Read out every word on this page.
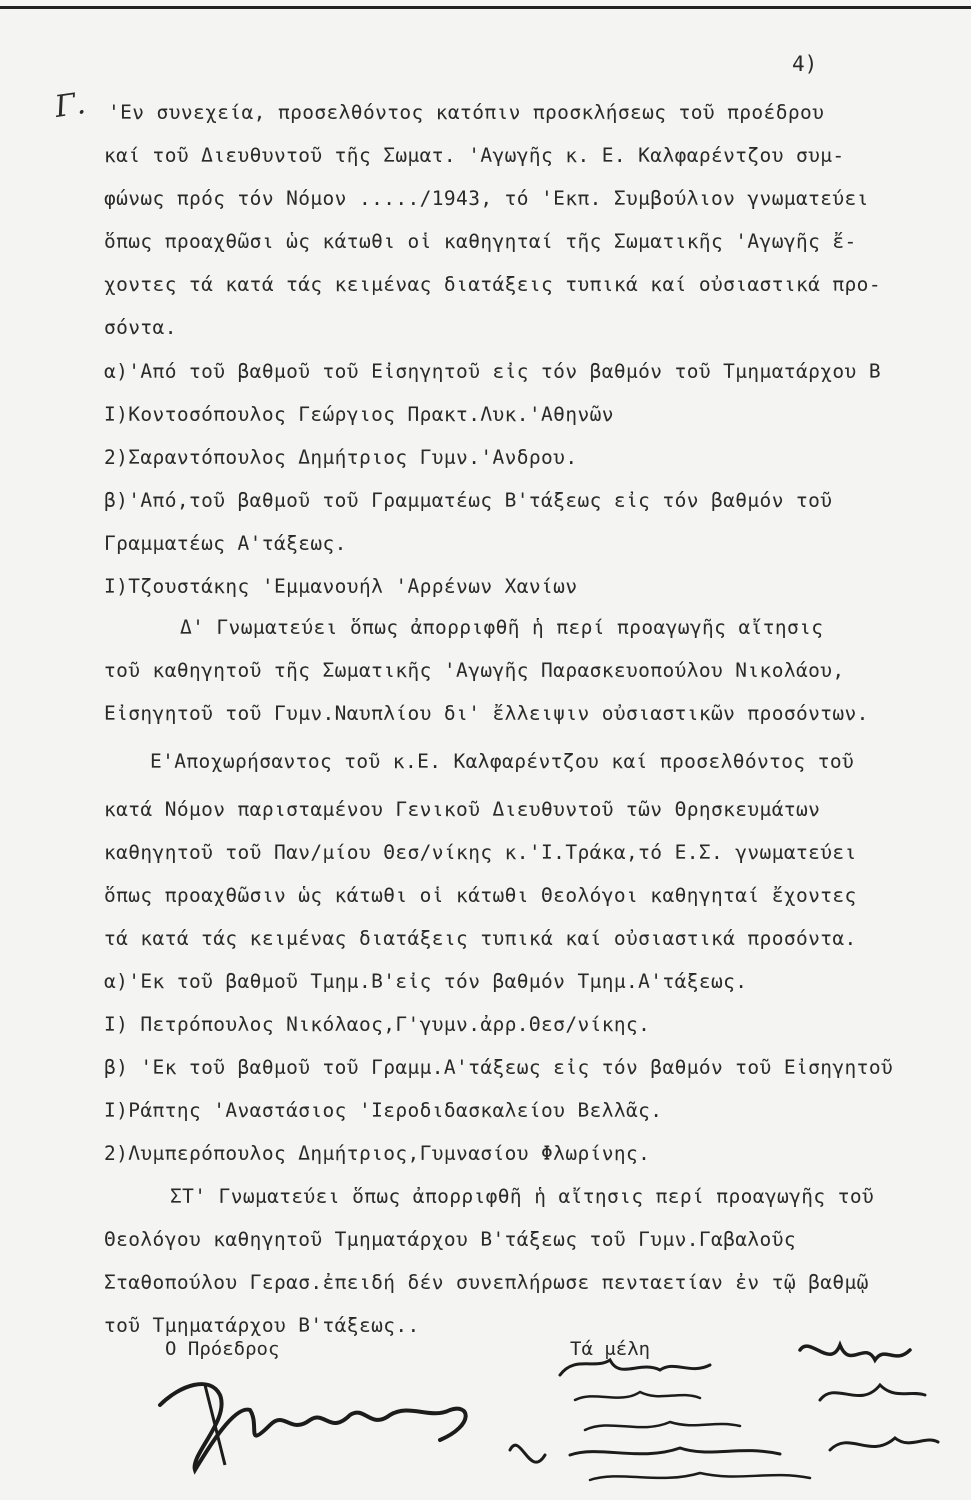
4)
Γ. 'Εν συνεχεία, προσελθόντος κατόπιν προσκλήσεως τοῦ προέδρου
καί τοῦ Διευθυντοῦ τῆς Σωματ. 'Αγωγῆς κ. Ε. Καλφαρέντζου συμ-
φώνως πρός τόν Νόμον ...../1943, τό 'Εκπ. Συμβούλιον γνωματεύει
ὅπως προαχθῶσι ὡς κάτωθι οἱ καθηγηταί τῆς Σωματικῆς 'Αγωγῆς ἔ-
χοντες τά κατά τάς κειμένας διατάξεις τυπικά καί οὐσιαστικά προ-
σόντα.
α)'Από τοῦ βαθμοῦ τοῦ Εἰσηγητοῦ εἰς τόν βαθμόν τοῦ Τμηματάρχου Β
Ι)Κοντοσόπουλος Γεώργιος Πρακτ.Λυκ.'Αθηνῶν
2)Σαραντόπουλος Δημήτριος Γυμν.'Ανδρου.
β)'Από,τοῦ βαθμοῦ τοῦ Γραμματέως Β'τάξεως εἰς τόν βαθμόν τοῦ
Γραμματέως Α'τάξεως.
Ι)Τζουστάκης 'Εμμανουήλ 'Αρρένων Χανίων
Δ' Γνωματεύει ὅπως ἀπορριφθῆ ἡ περί προαγωγῆς αἴτησις
τοῦ καθηγητοῦ τῆς Σωματικῆς 'Αγωγῆς Παρασκευοπούλου Νικολάου,
Εἰσηγητοῦ τοῦ Γυμν.Ναυπλίου δι' ἔλλειψιν οὐσιαστικῶν προσόντων.
Ε'Αποχωρήσαντος τοῦ κ.Ε. Καλφαρέντζου καί προσελθόντος τοῦ
κατά Νόμον παρισταμένου Γενικοῦ Διευθυντοῦ τῶν Θρησκευμάτων
καθηγητοῦ τοῦ Παν/μίου Θεσ/νίκης κ.'Ι.Τράκα,τό Ε.Σ. γνωματεύει
ὅπως προαχθῶσιν ὡς κάτωθι οἱ κάτωθι Θεολόγοι καθηγηταί ἔχοντες
τά κατά τάς κειμένας διατάξεις τυπικά καί οὐσιαστικά προσόντα.
α)'Εκ τοῦ βαθμοῦ Τμημ.Β'εἰς τόν βαθμόν Τμημ.Α'τάξεως.
Ι) Πετρόπουλος Νικόλαος,Γ'γυμν.ἀρρ.Θεσ/νίκης.
β) 'Εκ τοῦ βαθμοῦ τοῦ Γραμμ.Α'τάξεως εἰς τόν βαθμόν τοῦ Εἰσηγητοῦ
Ι)Ράπτης 'Αναστάσιος 'Ιεροδιδασκαλείου Βελλᾶς.
2)Λυμπερόπουλος Δημήτριος,Γυμνασίου Φλωρίνης.
ΣΤ' Γνωματεύει ὅπως ἀπορριφθῆ ἡ αἴτησις περί προαγωγῆς τοῦ
Θεολόγου καθηγητοῦ Τμηματάρχου Β'τάξεως τοῦ Γυμν.Γαβαλοῦς
Σταθοπούλου Γερασ.ἐπειδή δέν συνεπλήρωσε πενταετίαν ἐν τῷ βαθμῷ
τοῦ Τμηματάρχου Β'τάξεως..
Ο Πρόεδρος	Τά μέλη
